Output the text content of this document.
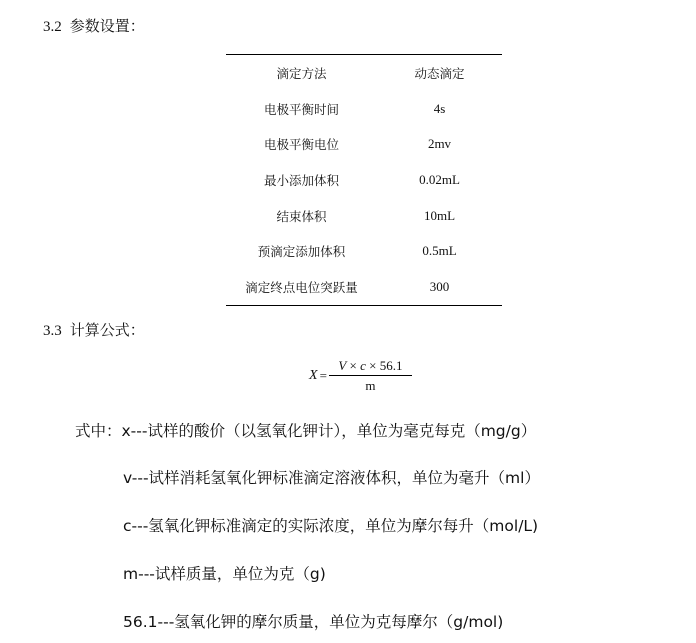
3.2 参数设置：
滴定方法	动态滴定
电极平衡时间	4s
电极平衡电位	2mv
最小添加体积	0.02mL
结束体积	10mL
预滴定添加体积	0.5mL
滴定终点电位突跃量	300
3.3 计算公式：
$X = \frac{V \times c \times 56.1}{m}$
式中：x---试样的酸价（以氢氧化钾计），单位为毫克每克（mg/g）
v---试样消耗氢氧化钾标准滴定溶液体积，单位为毫升（ml）
c---氢氧化钾标准滴定的实际浓度，单位为摩尔每升（mol/L)
m---试样质量，单位为克（g)
56.1---氢氧化钾的摩尔质量，单位为克每摩尔（g/mol)
